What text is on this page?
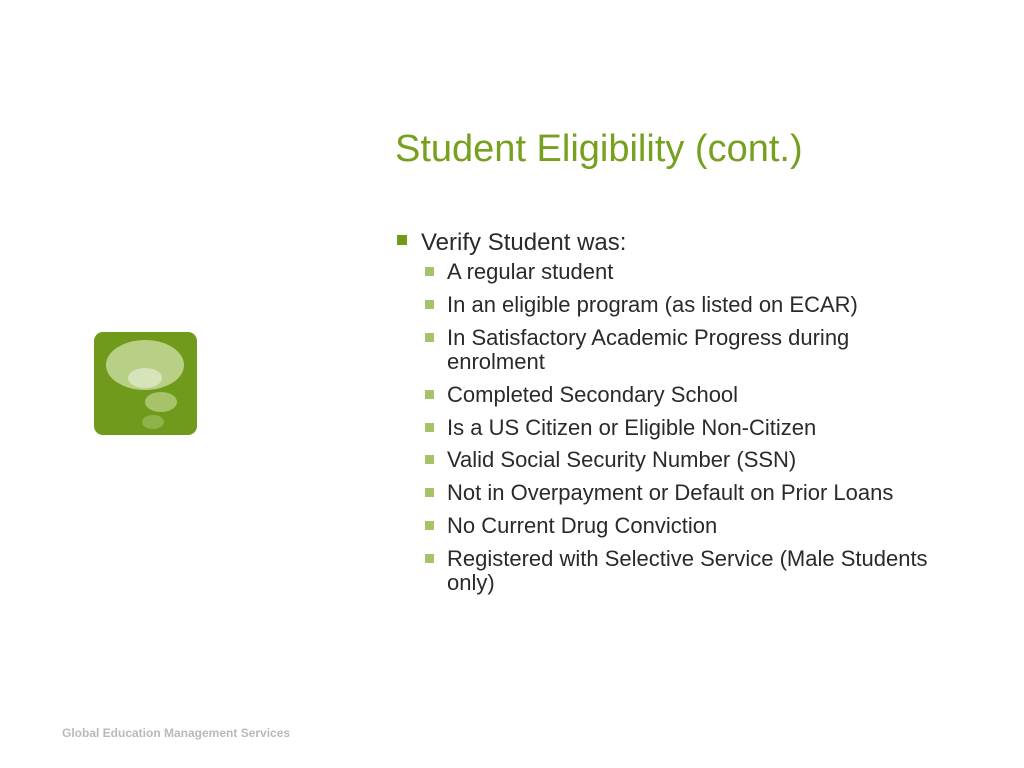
Student Eligibility (cont.)
Verify Student was:
A regular student
In an eligible program (as listed on ECAR)
In Satisfactory Academic Progress during enrolment
Completed Secondary School
Is a US Citizen or Eligible Non-Citizen
Valid Social Security Number (SSN)
Not in Overpayment or Default on Prior Loans
No Current Drug Conviction
Registered with Selective Service (Male Students only)
Global Education Management Services
